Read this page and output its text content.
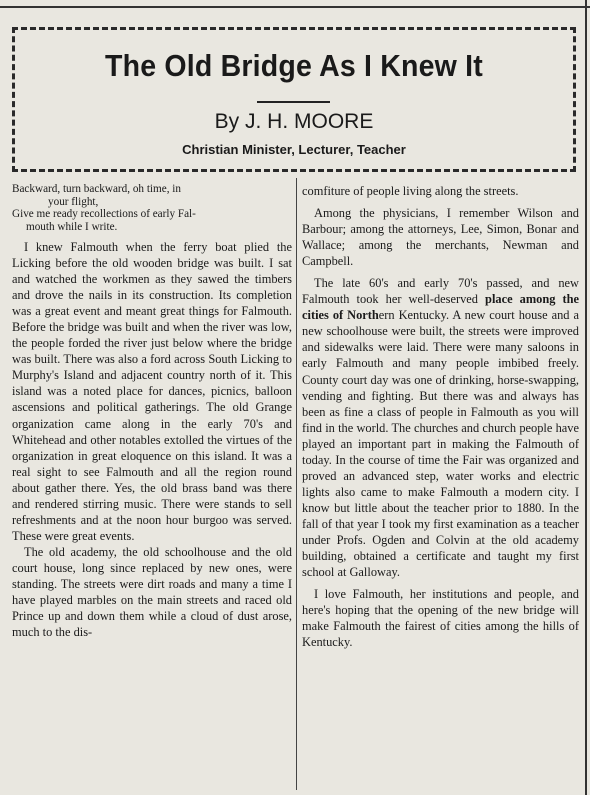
The Old Bridge As I Knew It
By J. H. MOORE
Christian Minister, Lecturer, Teacher

Backward, turn backward, oh time, in
your flight,
Give me ready recollections of early Fal-
mouth while I write.

I knew Falmouth when the ferry boat plied the Licking before the old wooden bridge was built. I sat and watched the workmen as they sawed the timbers and drove the nails in its construction. Its completion was a great event and meant great things for Falmouth. Before the bridge was built and when the river was low, the people forded the river just below where the bridge was built. There was also a ford across South Licking to Murphy's Island and adjacent country north of it. This island was a noted place for dances, picnics, balloon ascensions and political gatherings. The old Grange organization came along in the early 70's and Whitehead and other notables extolled the virtues of the organization in great eloquence on this island. It was a real sight to see Falmouth and all the region round about gather there. Yes, the old brass band was there and rendered stirring music. There were stands to sell refreshments and at the noon hour burgoo was served. These were great events.

The old academy, the old schoolhouse and the old court house, long since replaced by new ones, were standing. The streets were dirt roads and many a time I have played marbles on the main streets and raced old Prince up and down them while a cloud of dust arose, much to the dis-

comfiture of people living along the streets.

Among the physicians, I remember Wilson and Barbour; among the attorneys, Lee, Simon, Bonar and Wallace; among the merchants, Newman and Campbell.

The late 60's and early 70's passed, and new Falmouth took her well-deserved place among the cities of Northern Kentucky. A new court house and a new schoolhouse were built, the streets were improved and sidewalks were laid. There were many saloons in early Falmouth and many people imbibed freely. County court day was one of drinking, horse-swapping, vending and fighting. But there was and always has been as fine a class of people in Falmouth as you will find in the world. The churches and church people have played an important part in making the Falmouth of today. In the course of time the Fair was organized and proved an advanced step, water works and electric lights also came to make Falmouth a modern city. I know but little about the teacher prior to 1880. In the fall of that year I took my first examination as a teacher under Profs. Ogden and Colvin at the old academy building, obtained a certificate and taught my first school at Galloway.

I love Falmouth, her institutions and people, and here's hoping that the opening of the new bridge will make Falmouth the fairest of cities among the hills of Kentucky.
